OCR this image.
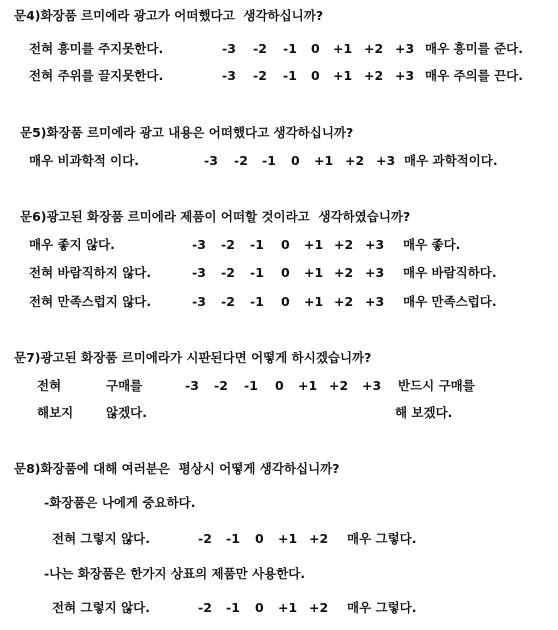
문4)화장품 르미에라 광고가 어떠했다고  생각하십니까?
전혀 흥미를 주지못한다.	-3 -2 -1 0 +1 +2 +3 매우 흥미를 준다.
전혀 주위를 끌지못한다.	-3 -2 -1 0 +1 +2 +3 매우 주의를 끈다.
문5)화장품 르미에라 광고 내용은 어떠했다고 생각하십니까?
매우 비과학적 이다.	-3 -2 -1 0 +1 +2 +3 매우 과학적이다.
문6)광고된 화장품 르미에라 제품이 어떠할 것이라고  생각하였습니까?
매우 좋지 않다.	-3 -2 -1 0 +1 +2 +3 매우 좋다.
전혀 바람직하지 않다.	-3 -2 -1 0 +1 +2 +3 매우 바람직하다.
전혀 만족스럽지 않다.	-3 -2 -1 0 +1 +2 +3 매우 만족스럽다.
문7)광고된 화장품 르미에라가 시판된다면 어떻게 하시겠습니까?
전혀	구매를	-3 -2 -1 0 +1 +2 +3 반드시 구매를
해보지	않겠다.	해 보겠다.
문8)화장품에 대해 여러분은  평상시 어떻게 생각하십니까?
-화장품은 나에게 중요하다.
전혀 그렇지 않다.	-2 -1 0 +1 +2 매우 그렇다.
-나는 화장품은 한가지 상표의 제품만 사용한다.
전혀 그렇지 않다.	-2 -1 0 +1 +2 매우 그렇다.
